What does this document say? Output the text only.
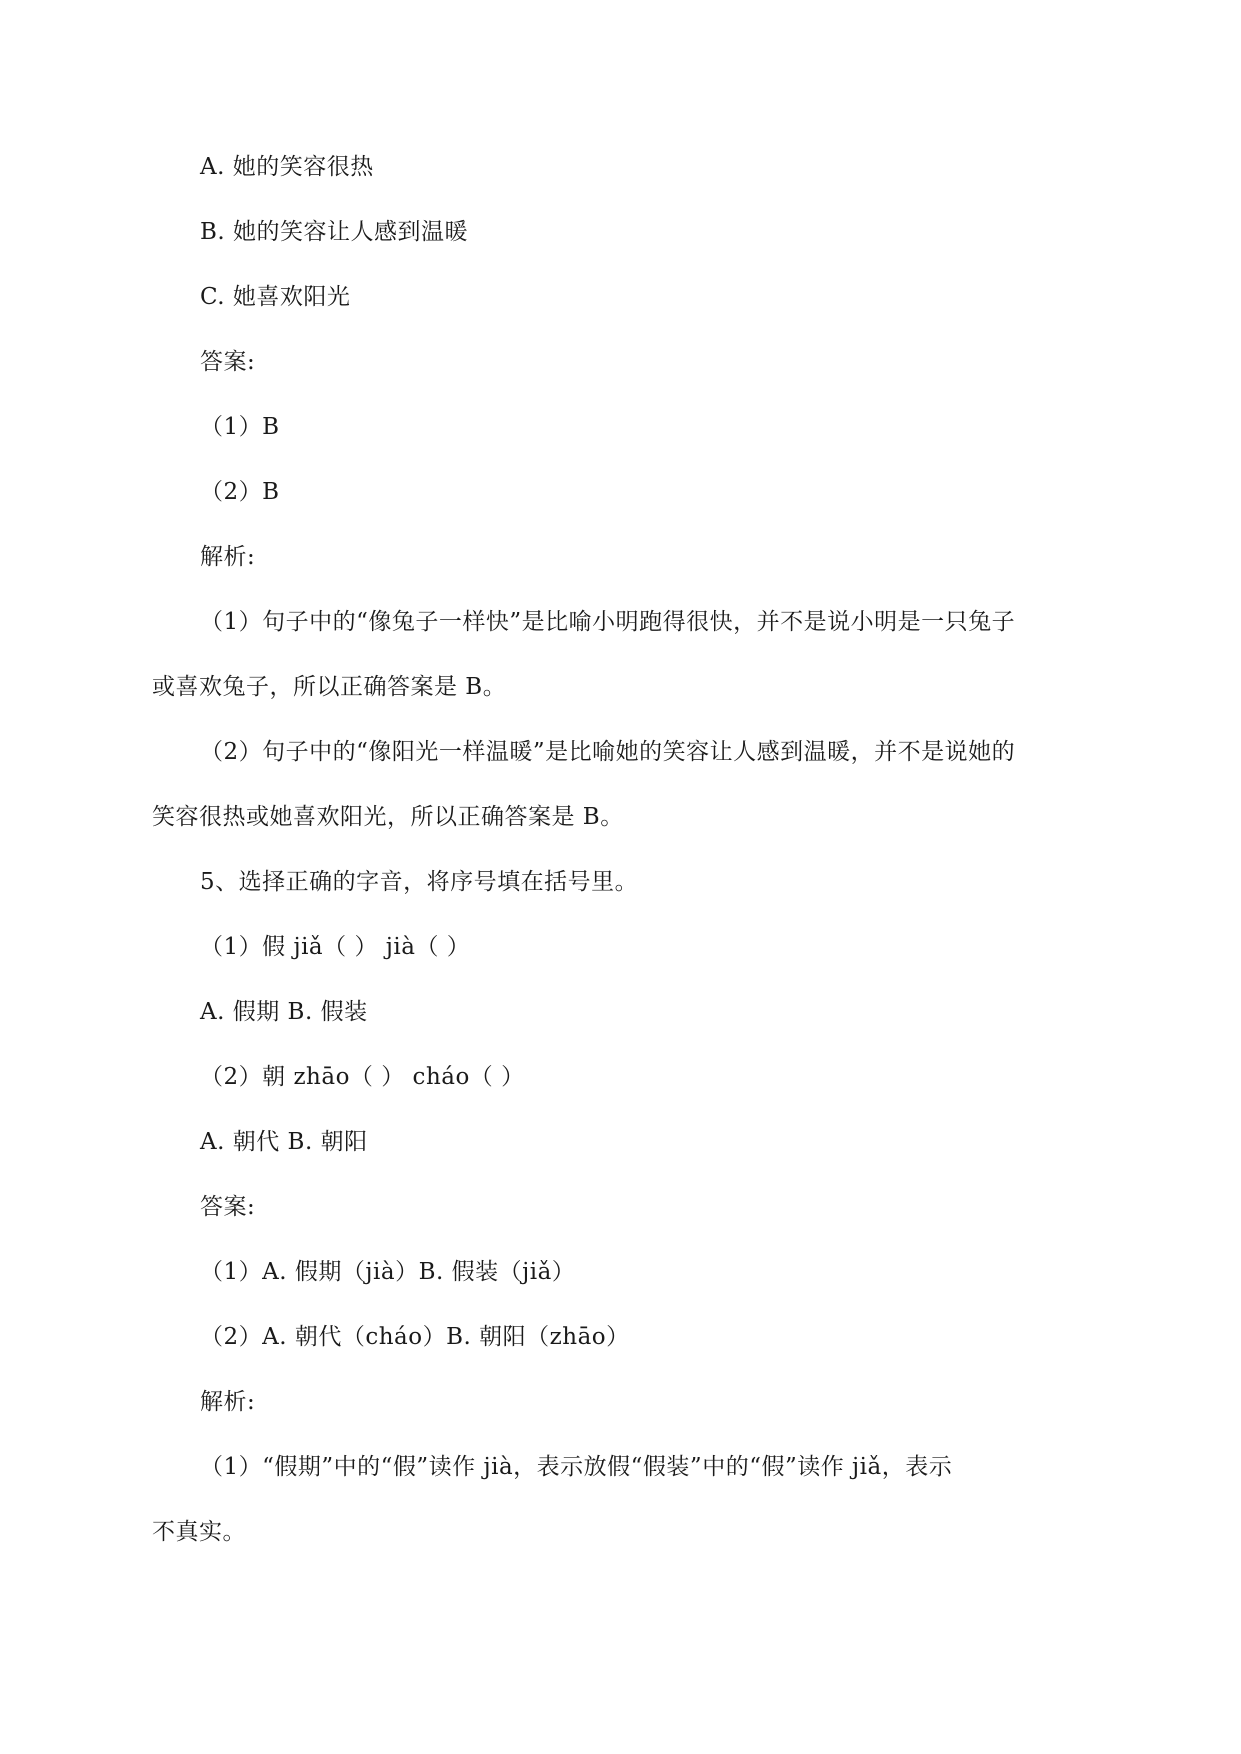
A. 她的笑容很热
B. 她的笑容让人感到温暖
C. 她喜欢阳光
答案:
（1）B
（2）B
解析:
（1）句子中的“像兔子一样快”是比喻小明跑得很快，并不是说小明是一只兔子
或喜欢兔子，所以正确答案是 B。
（2）句子中的“像阳光一样温暖”是比喻她的笑容让人感到温暖，并不是说她的
笑容很热或她喜欢阳光，所以正确答案是 B。
5、选择正确的字音，将序号填在括号里。
（1）假 jiǎ（ ） jià（ ）
A. 假期 B. 假装
（2）朝 zhāo（ ） cháo（ ）
A. 朝代 B. 朝阳
答案:
（1）A. 假期（jià）B. 假装（jiǎ）
（2）A. 朝代（cháo）B. 朝阳（zhāo）
解析:
（1）“假期”中的“假”读作 jià，表示放假“假装”中的“假”读作 jiǎ，表示
不真实。
